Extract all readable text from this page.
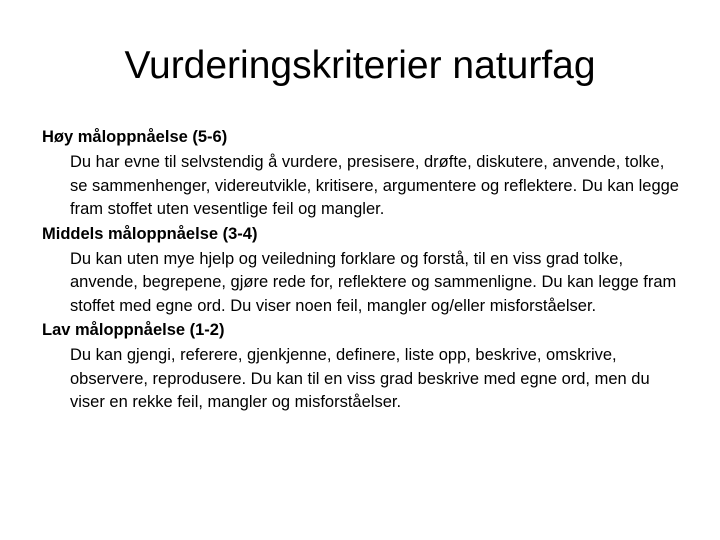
Vurderingskriterier naturfag

Høy måloppnåelse (5-6)

Du har evne til selvstendig å vurdere, presisere, drøfte, diskutere, anvende, tolke, se sammenhenger, videreutvikle, kritisere, argumentere og reflektere. Du kan legge fram stoffet uten vesentlige feil og mangler.

Middels måloppnåelse (3-4)

Du kan uten mye hjelp og veiledning forklare og forstå, til en viss grad tolke, anvende, begrepene, gjøre rede for, reflektere og sammenligne. Du kan legge fram stoffet med egne ord. Du viser noen feil, mangler og/eller misforståelser.

Lav måloppnåelse (1-2)

Du kan gjengi, referere, gjenkjenne, definere, liste opp, beskrive, omskrive, observere, reprodusere. Du kan til en viss grad beskrive med egne ord, men du viser en rekke feil, mangler og misforståelser.
